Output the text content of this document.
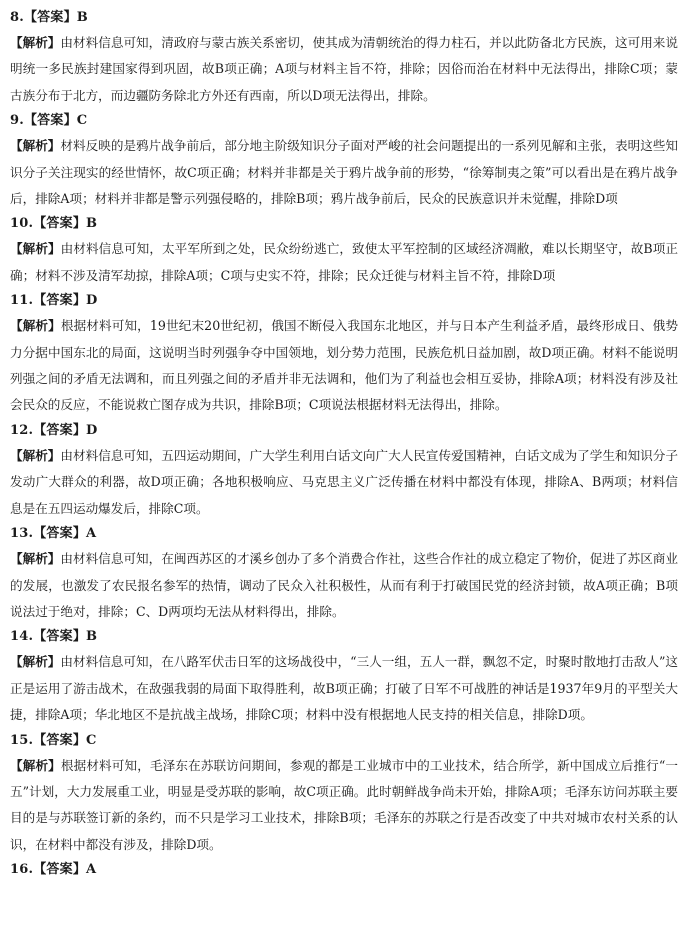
8.【答案】B

【解析】由材料信息可知，清政府与蒙古族关系密切，使其成为清朝统治的得力柱石，并以此防备北方民族，这可用来说明统一多民族封建国家得到巩固，故B项正确；A项与材料主旨不符，排除；因俗而治在材料中无法得出，排除C项；蒙古族分布于北方，而边疆防务除北方外还有西南，所以D项无法得出，排除。

9.【答案】C

【解析】材料反映的是鸦片战争前后，部分地主阶级知识分子面对严峻的社会问题提出的一系列见解和主张，表明这些知识分子关注现实的经世情怀，故C项正确；材料并非都是关于鸦片战争前的形势，“徐筹制夷之策”可以看出是在鸦片战争后，排除A项；材料并非都是警示列强侵略的，排除B项；鸦片战争前后，民众的民族意识并未觉醒，排除D项

10.【答案】B

【解析】由材料信息可知，太平军所到之处，民众纷纷逃亡，致使太平军控制的区域经济凋敝，难以长期坚守，故B项正确；材料不涉及清军劫掠，排除A项；C项与史实不符，排除；民众迁徙与材料主旨不符，排除D项

11.【答案】D

【解析】根据材料可知，19世纪末20世纪初，俄国不断侵入我国东北地区，并与日本产生利益矛盾，最终形成日、俄势力分据中国东北的局面，这说明当时列强争夺中国领地，划分势力范围，民族危机日益加剧，故D项正确。材料不能说明列强之间的矛盾无法调和，而且列强之间的矛盾并非无法调和，他们为了利益也会相互妥协，排除A项；材料没有涉及社会民众的反应，不能说救亡图存成为共识，排除B项；C项说法根据材料无法得出，排除。

12.【答案】D

【解析】由材料信息可知，五四运动期间，广大学生利用白话文向广大人民宣传爱国精神，白话文成为了学生和知识分子发动广大群众的利器，故D项正确；各地积极响应、马克思主义广泛传播在材料中都没有体现，排除A、B两项；材料信息是在五四运动爆发后，排除C项。

13.【答案】A

【解析】由材料信息可知，在闽西苏区的才溪乡创办了多个消费合作社，这些合作社的成立稳定了物价，促进了苏区商业的发展，也激发了农民报名参军的热情，调动了民众入社积极性，从而有利于打破国民党的经济封锁，故A项正确；B项说法过于绝对，排除；C、D两项均无法从材料得出，排除。

14.【答案】B

【解析】由材料信息可知，在八路军伏击日军的这场战役中，“三人一组，五人一群，飘忽不定，时聚时散地打击敌人”这正是运用了游击战术，在敌强我弱的局面下取得胜利，故B项正确；打破了日军不可战胜的神话是1937年9月的平型关大捷，排除A项；华北地区不是抗战主战场，排除C项；材料中没有根据地人民支持的相关信息，排除D项。

15.【答案】C

【解析】根据材料可知，毛泽东在苏联访问期间，参观的都是工业城市中的工业技术，结合所学，新中国成立后推行“一五”计划，大力发展重工业，明显是受苏联的影响，故C项正确。此时朝鲜战争尚未开始，排除A项；毛泽东访问苏联主要目的是与苏联签订新的条约，而不只是学习工业技术，排除B项；毛泽东的苏联之行是否改变了中共对城市农村关系的认识，在材料中都没有涉及，排除D项。

16.【答案】A
